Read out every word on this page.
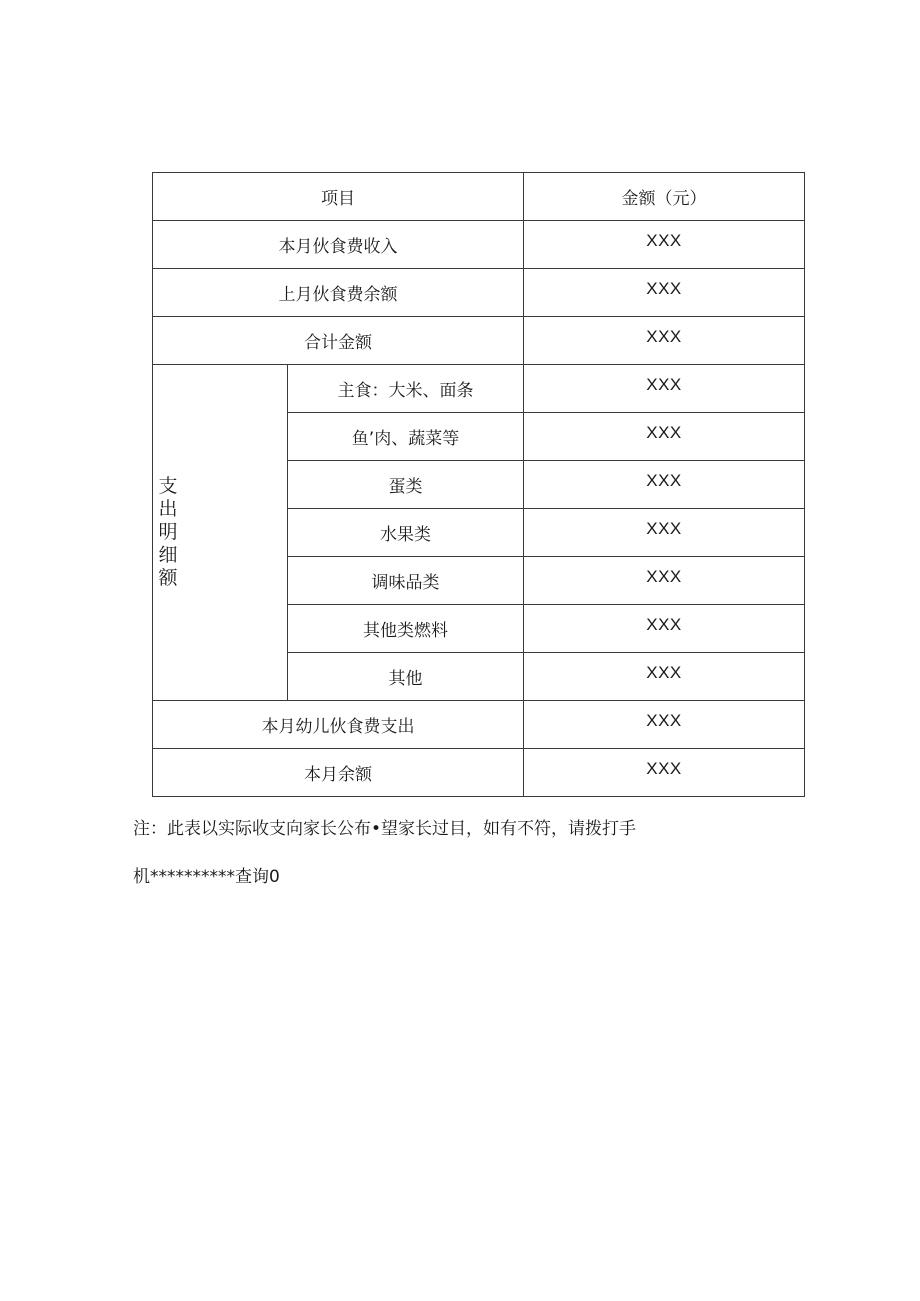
项目		金额（元）
本月伙食费收入		XXX
上月伙食费余额		XXX
合计金额		XXX
支出明细额	主食：大米、面条	XXX
	鱼’肉、蔬菜等	XXX
	蛋类	XXX
	水果类	XXX
	调味品类	XXX
	其他类燃料	XXX
	其他	XXX
本月幼儿伙食费支出		XXX
本月余额		XXX
注：此表以实际收支向家长公布•望家长过目，如有不符，请拨打手
机**********查询0
